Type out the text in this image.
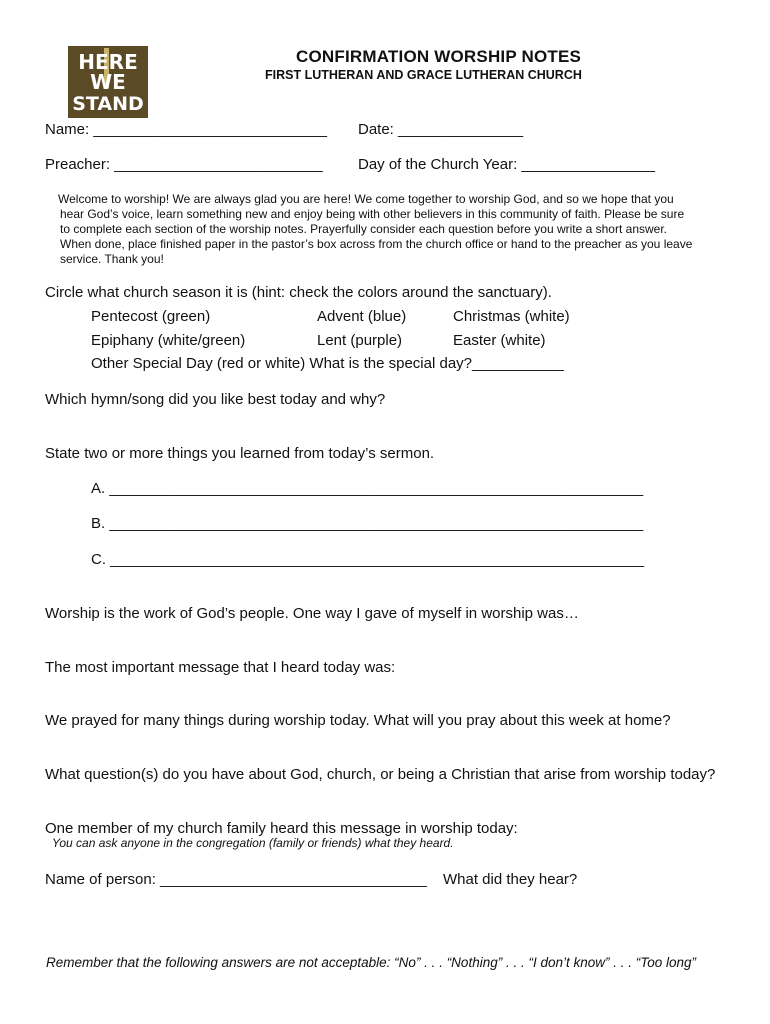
HERE
WE
STAND
CONFIRMATION WORSHIP NOTES
FIRST LUTHERAN AND GRACE LUTHERAN CHURCH
Name: ____________________________ Date: _______________
Preacher: _________________________ Day of the Church Year: ________________
Welcome to worship! We are always glad you are here! We come together to worship God, and so we hope that you
hear God’s voice, learn something new and enjoy being with other believers in this community of faith. Please be sure
to complete each section of the worship notes. Prayerfully consider each question before you write a short answer.
When done, place finished paper in the pastor’s box across from the church office or hand to the preacher as you leave
service. Thank you!
Circle what church season it is (hint: check the colors around the sanctuary).
Pentecost (green)	Advent (blue)	Christmas (white)
Epiphany (white/green)	Lent (purple)	Easter (white)
Other Special Day (red or white) What is the special day?___________
Which hymn/song did you like best today and why?
State two or more things you learned from today’s sermon.
A. ________________________________________________________________
B. ________________________________________________________________
C. ________________________________________________________________
Worship is the work of God’s people. One way I gave of myself in worship was…
The most important message that I heard today was:
We prayed for many things during worship today. What will you pray about this week at home?
What question(s) do you have about God, church, or being a Christian that arise from worship today?
One member of my church family heard this message in worship today:
You can ask anyone in the congregation (family or friends) what they heard.
Name of person: ________________________________ What did they hear?
Remember that the following answers are not acceptable: “No” . . . “Nothing” . . . “I don’t know” . . . “Too long”
